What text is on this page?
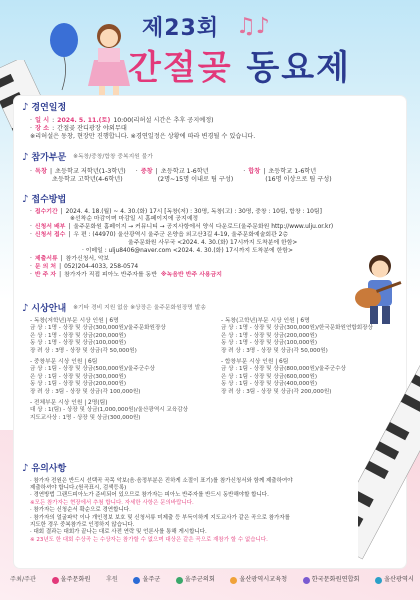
제23회 ♫♪
간절곶 동요제
♪ 경연일정
· 일 시 : 2024. 5. 11.(토) 10:00(리허설 시간은 추후 공지예정)
· 장 소 : 간절곶 잔디광장 야외무대
※리허설은 동창, 현장만 진행합니다. ※경연일정은 상황에 따라 변경될 수 있습니다.
♪ 참가부문 ※독창/중창/합창 중복지원 불가
· 독창 | 초등학교 저학년(1-3학년)
초등학교 고학년(4-6학년)
· 중창 | 초등학교 1-6학년
(2명~15명 이내로 팀 구성)
· 합창 | 초등학교 1-6학년
(16명 이상으로 팀 구성)
♪ 접수방법
· 접수기간 | 2024. 4. 18.(월) ~ 4. 30.(화) 17시 [독창(저) : 30명, 독창(고) : 30명, 중창 : 10팀, 합창 : 10팀]
※선착순 마감이며 마감일 시 홈페이지에 공지예정
· 신청서 배부 | 울주문화원 홈페이지 → 커뮤니티 → 공지사항에서 양식 다운로드(울주문화원 http://www.ulju.or.kr)
· 신청서 접수 | 우 편 : (44970) 울산광역시 울주군 온양읍 외고산3길 4-19, 울주문화예술회관 2층
울주문화원 사무국 <2024. 4. 30.(화) 17시까지 도착분에 한함>
· 이메일 : ulju8406@naver.com <2024. 4. 30.(화) 17시까지 도착분에 한함>
· 제출서류 | 참가신청서, 악보
· 문 의 처 | 052)204-4033, 258-0574
· 반 주 자 | 참가자가 직접 피아노 반주자를 동반 ※녹음반 반주 사용금지
♪ 시상안내 ※기타 경비 지원 없음 ※상장은 울주문화원장명 발송
- 독창(저학년)부문 시상 인원 | 6명
금 상 : 1명 - 상장 및 상금(300,000원)/울주문화원장상
은 상 : 1명 - 상장 및 상금(200,000원)
동 상 : 1명 - 상장 및 상금(100,000원)
장 려 상 : 3명 - 상장 및 상금(각 50,000원)
- 독창(고학년)부문 시상 인원 | 6명
금 상 : 1명 - 상장 및 상금(300,000원)/한국문화원연합회장상
은 상 : 1명 - 상장 및 상금(200,000원)
동 상 : 1명 - 상장 및 상금(100,000원)
장 려 상 : 3명 - 상장 및 상금(각 50,000원)
- 중창부문 시상 인원 | 6팀
금 상 : 1팀 - 상장 및 상금(500,000원)/울주군수상
은 상 : 1팀 - 상장 및 상금(300,000원)
동 상 : 1팀 - 상장 및 상금(200,000원)
장 려 상 : 3팀 - 상장 및 상금(각 100,000원)
- 합창부문 시상 인원 | 6팀
금 상 : 1팀 - 상장 및 상금(800,000원)/울주군수상
은 상 : 1팀 - 상장 및 상금(600,000원)
동 상 : 1팀 - 상장 및 상금(400,000원)
장 려 상 : 3팀 - 상장 및 상금(각 200,000원)
- 전체부문 시상 인원 | 2명(팀)
대 상 : 1(팀) - 상장 및 상금(1,000,000원)/울산광역시 교육감상
지도교사상 : 1명 - 상장 및 상금(300,000원)
♪ 유의사항
· 참가자 전원은 반드시 선택곡 곡목 악보(음·음정부분은 진하게 소절이 표기)를 참가신청서와 함께 제출하여야
제출하셔야 합니다.(원곡표시, 검색등록)
· 경연방법 그랜드피아노가 준비되어 있으므로 참가자는 피아노 반주자를 반드시 동반해야할 합니다.
※모든 참가자는 현장에서 추첨 합니다. 자세한 사항은 문의바랍니다.
· 참가자는 신청순서 확순으로 경연합니다.
· 참가자의 얼굴파악 이나 개인정보 보호 및 신청서류 미제출 등 부득이하게 지도교사가 같은 곡으로 참가자를
지도한 경우 중복참가로 인정하지 않습니다.
· 대회 결과는 대회가 끝나는 대로 사전 연락 및 언론사를 통해 게시합니다.
※ 23년도 한 대회 수상곡 는 수상자는 참가할 수 없으며 대상은 같은 곡으로 재참가 할 수 없습니다.
주최/주관	울주문화원	후원	울주군	울주군의회	울산광역시교육청	한국문화원연합회	울산광역시
